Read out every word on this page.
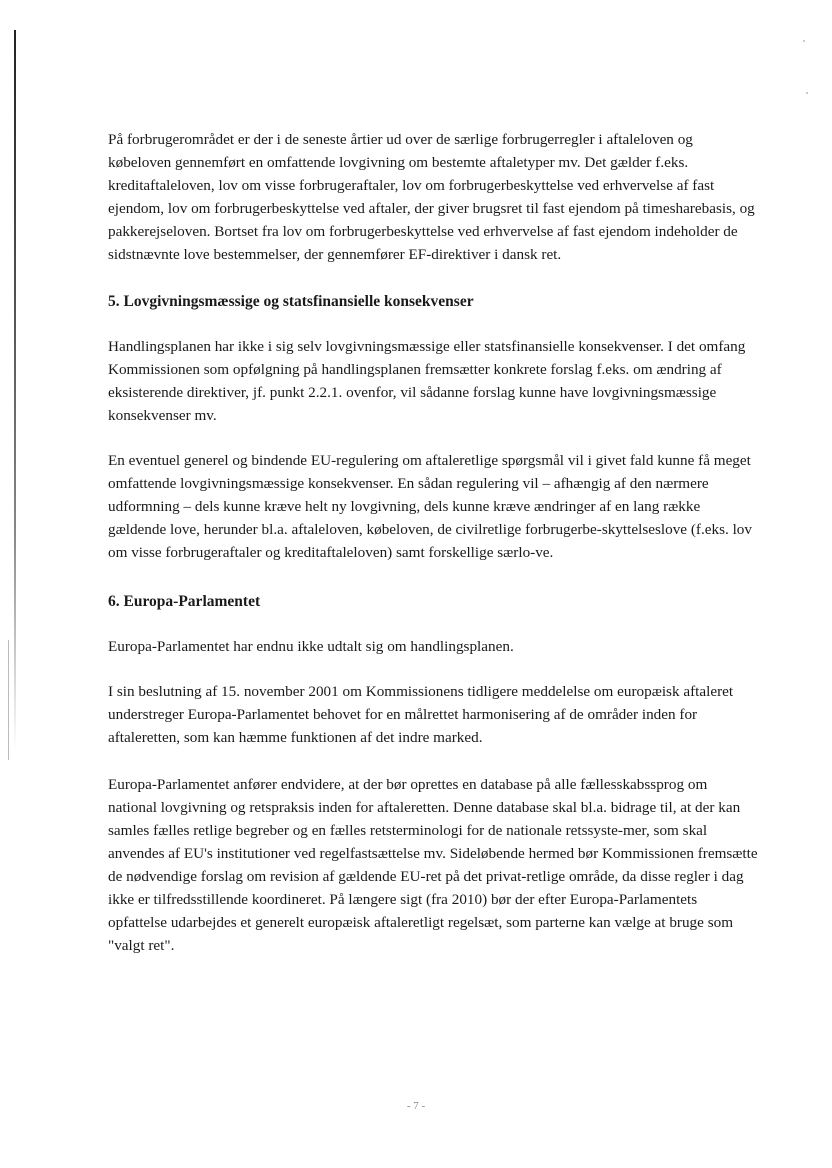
På forbrugerområdet er der i de seneste årtier ud over de særlige forbrugerregler i aftaleloven og købeloven gennemført en omfattende lovgivning om bestemte aftaletyper mv. Det gælder f.eks. kreditaftaleloven, lov om visse forbrugeraftaler, lov om forbrugerbeskyttelse ved erhvervelse af fast ejendom, lov om forbrugerbeskyttelse ved aftaler, der giver brugsret til fast ejendom på timesharebasis, og pakkerejseloven. Bortset fra lov om forbrugerbeskyttelse ved erhvervelse af fast ejendom indeholder de sidstnævnte love bestemmelser, der gennemfører EF-direktiver i dansk ret.

5. Lovgivningsmæssige og statsfinansielle konsekvenser

Handlingsplanen har ikke i sig selv lovgivningsmæssige eller statsfinansielle konsekvenser. I det omfang Kommissionen som opfølgning på handlingsplanen fremsætter konkrete forslag f.eks. om ændring af eksisterende direktiver, jf. punkt 2.2.1. ovenfor, vil sådanne forslag kunne have lovgivningsmæssige konsekvenser mv.

En eventuel generel og bindende EU-regulering om aftaleretlige spørgsmål vil i givet fald kunne få meget omfattende lovgivningsmæssige konsekvenser. En sådan regulering vil – afhængig af den nærmere udformning – dels kunne kræve helt ny lovgivning, dels kunne kræve ændringer af en lang række gældende love, herunder bl.a. aftaleloven, købeloven, de civilretlige forbrugerbe-skyttelseslove (f.eks. lov om visse forbrugeraftaler og kreditaftaleloven) samt forskellige særlo-ve.

6. Europa-Parlamentet

Europa-Parlamentet har endnu ikke udtalt sig om handlingsplanen.

I sin beslutning af 15. november 2001 om Kommissionens tidligere meddelelse om europæisk aftaleret understreger Europa-Parlamentet behovet for en målrettet harmonisering af de områder inden for aftaleretten, som kan hæmme funktionen af det indre marked.

Europa-Parlamentet anfører endvidere, at der bør oprettes en database på alle fællesskabssprog om national lovgivning og retspraksis inden for aftaleretten. Denne database skal bl.a. bidrage til, at der kan samles fælles retlige begreber og en fælles retsterminologi for de nationale retssyste-mer, som skal anvendes af EU's institutioner ved regelfastsættelse mv. Sideløbende hermed bør Kommissionen fremsætte de nødvendige forslag om revision af gældende EU-ret på det privat-retlige område, da disse regler i dag ikke er tilfredsstillende koordineret. På længere sigt (fra 2010) bør der efter Europa-Parlamentets opfattelse udarbejdes et generelt europæisk aftaleretligt regelsæt, som parterne kan vælge at bruge som "valgt ret".

- 7 -
